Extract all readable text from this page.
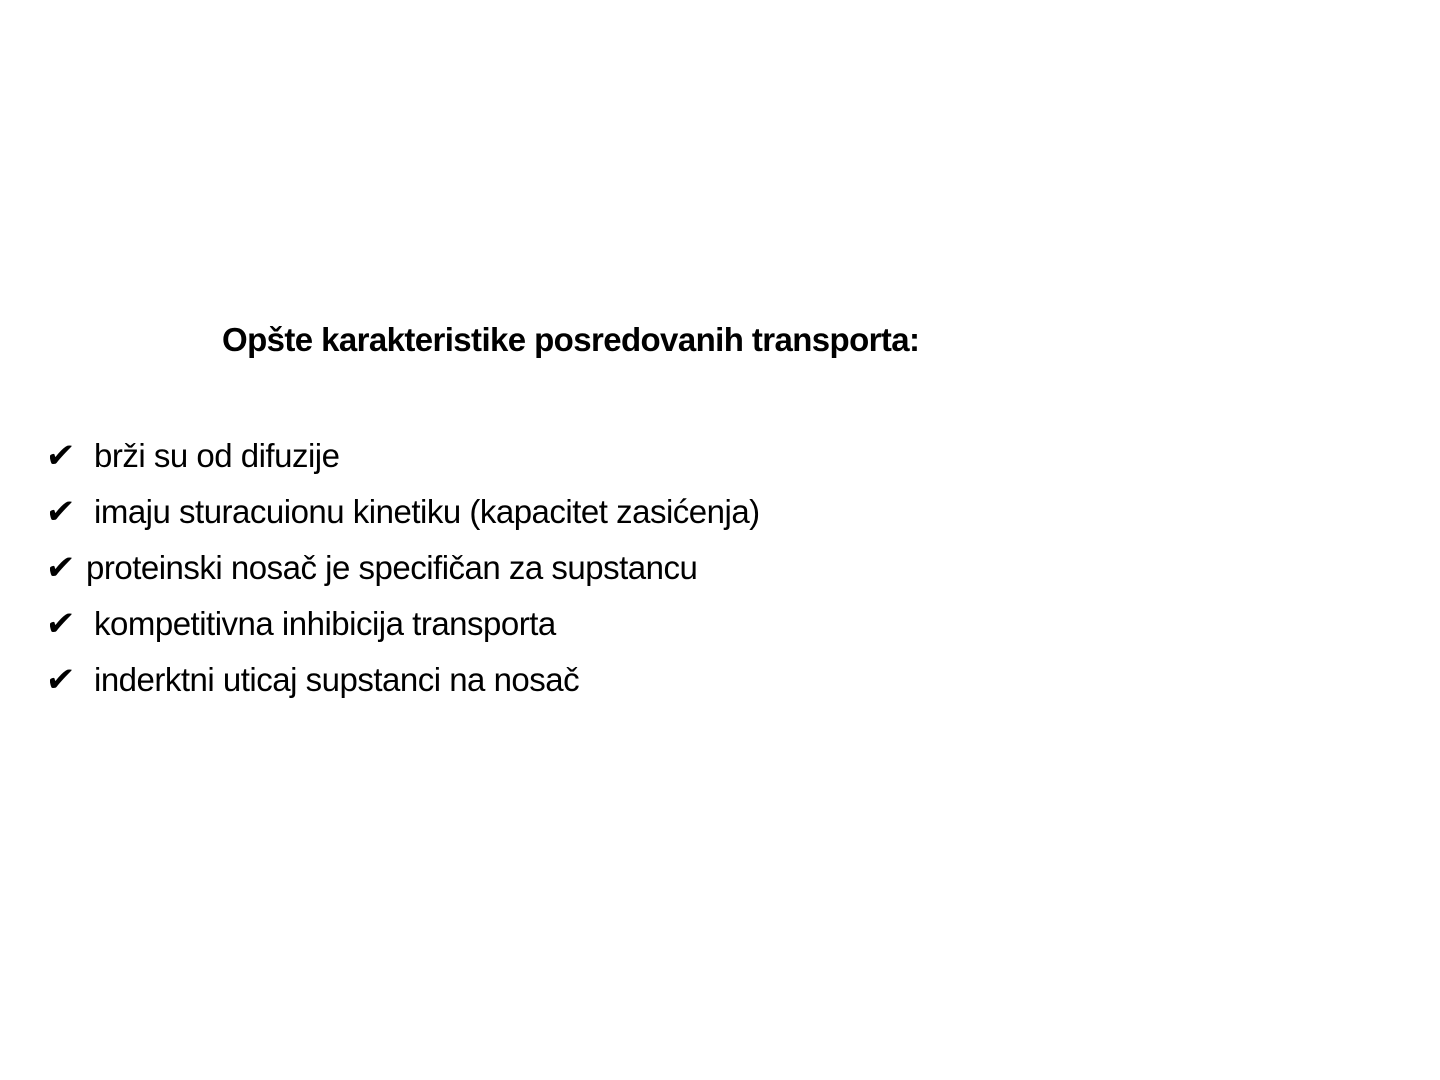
Opšte karakteristike posredovanih transporta:
✔ brži su od difuzije
✔ imaju sturacuionu kinetiku (kapacitet zasićenja)
✔ proteinski nosač je specifičan za supstancu
✔ kompetitivna inhibicija transporta
✔ inderktni uticaj supstanci na nosač
